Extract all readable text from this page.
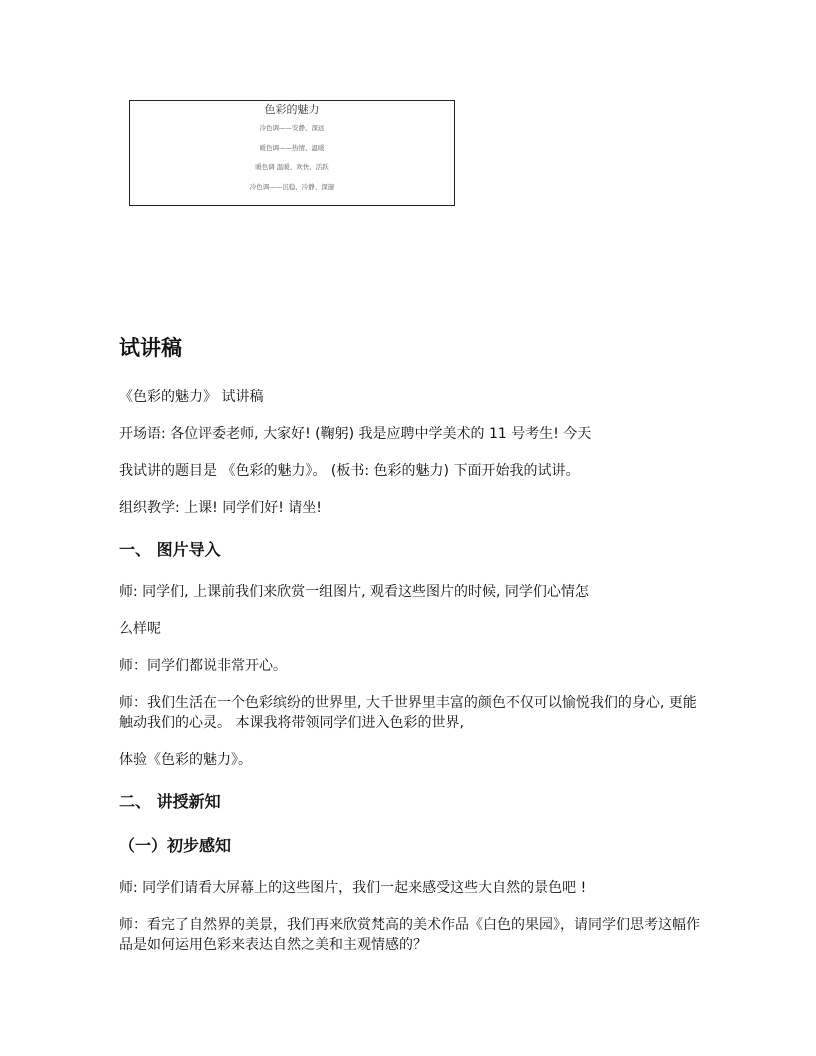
色彩的魅力
冷色调——安静、深远
暖色调——热情、温暖
暖色调 温暖、欢快、活跃
冷色调——沉稳、冷静、深邃
试讲稿
《色彩的魅力》 试讲稿
开场语: 各位评委老师, 大家好! (鞠躬) 我是应聘中学美术的 11 号考生! 今天
我试讲的题目是 《色彩的魅力》。 (板书: 色彩的魅力) 下面开始我的试讲。
组织教学: 上课! 同学们好! 请坐!
一、 图片导入
师: 同学们, 上课前我们来欣赏一组图片, 观看这些图片的时候, 同学们心情怎
么样呢
师：同学们都说非常开心。
师：我们生活在一个色彩缤纷的世界里, 大千世界里丰富的颜色不仅可以愉悦我们的身心, 更能触动我们的心灵。 本课我将带领同学们进入色彩的世界,
体验《色彩的魅力》。
二、 讲授新知
（一）初步感知
师: 同学们请看大屏幕上的这些图片，我们一起来感受这些大自然的景色吧 !
师：看完了自然界的美景，我们再来欣赏梵高的美术作品《白色的果园》，请同学们思考这幅作品是如何运用色彩来表达自然之美和主观情感的？
